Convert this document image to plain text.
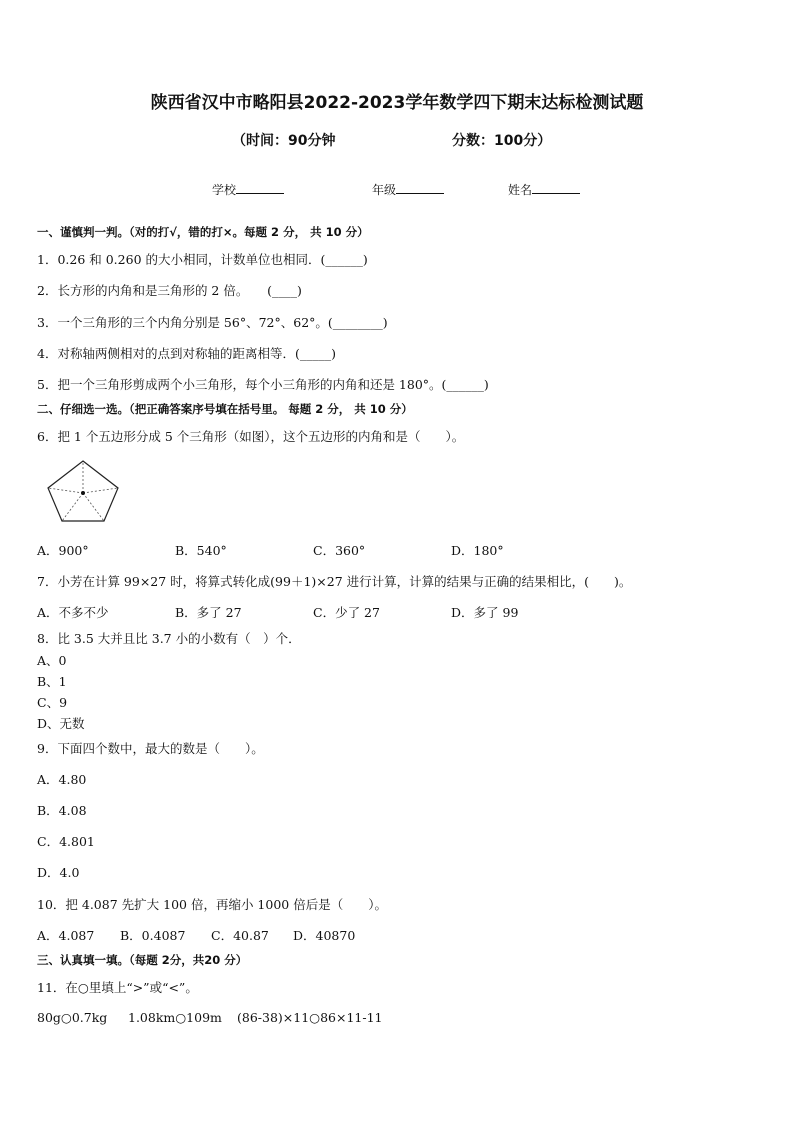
陕西省汉中市略阳县2022-2023学年数学四下期末达标检测试题
（时间：90分钟	分数：100分）
学校	年级	姓名
一、谨慎判一判。（对的打√，错的打×。每题 2 分， 共 10 分）
1．0.26 和 0.260 的大小相同，计数单位也相同．(______)
2．长方形的内角和是三角形的 2 倍。　　(____)
3．一个三角形的三个内角分别是 56°、72°、62°。(________)
4．对称轴两侧相对的点到对称轴的距离相等．(_____)
5．把一个三角形剪成两个小三角形，每个小三角形的内角和还是 180°。(______)
二、仔细选一选。（把正确答案序号填在括号里。 每题 2 分， 共 10 分）
6．把 1 个五边形分成 5 个三角形（如图），这个五边形的内角和是（　　）。
A．900°	B．540°	C．360°	D．180°
7．小芳在计算 99×27 时，将算式转化成(99＋1)×27 进行计算，计算的结果与正确的结果相比，(　　)。
A．不多不少	B．多了 27	C．少了 27	D．多了 99
8．比 3.5 大并且比 3.7 小的小数有（　）个．
A、0
B、1
C、9
D、无数
9．下面四个数中，最大的数是（　　）。
A．4.80
B．4.08
C．4.801
D．4.0
10．把 4.087 先扩大 100 倍，再缩小 1000 倍后是（　　）。
A．4.087 B．0.4087 C．40.87 D．40870
三、认真填一填。（每题 2分，共20 分）
11．在○里填上“>”或“<”。
80g○0.7kg 1.08km○109m (86-38)×11○86×11-11
